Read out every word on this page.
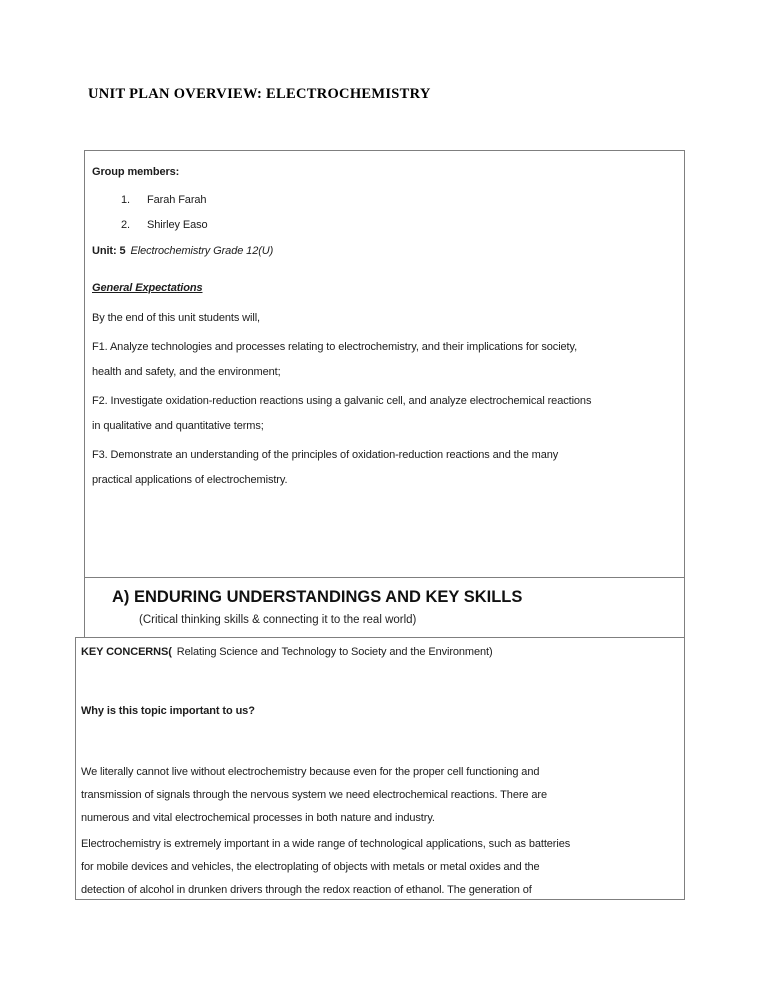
UNIT PLAN OVERVIEW: ELECTROCHEMISTRY
Group members:
1. Farah Farah
2. Shirley Easo
Unit: 5 Electrochemistry Grade 12(U)
General Expectations
By the end of this unit students will,
F1. Analyze technologies and processes relating to electrochemistry, and their implications for society,
health and safety, and the environment;
F2. Investigate oxidation-reduction reactions using a galvanic cell, and analyze electrochemical reactions
in qualitative and quantitative terms;
F3. Demonstrate an understanding of the principles of oxidation-reduction reactions and the many
practical applications of electrochemistry.
A) ENDURING UNDERSTANDINGS AND KEY SKILLS
(Critical thinking skills & connecting it to the real world)
KEY CONCERNS( Relating Science and Technology to Society and the Environment)
Why is this topic important to us?
We literally cannot live without electrochemistry because even for the proper cell functioning and
transmission of signals through the nervous system we need electrochemical reactions. There are
numerous and vital electrochemical processes in both nature and industry.
Electrochemistry is extremely important in a wide range of technological applications, such as batteries
for mobile devices and vehicles, the electroplating of objects with metals or metal oxides and the
detection of alcohol in drunken drivers through the redox reaction of ethanol. The generation of
